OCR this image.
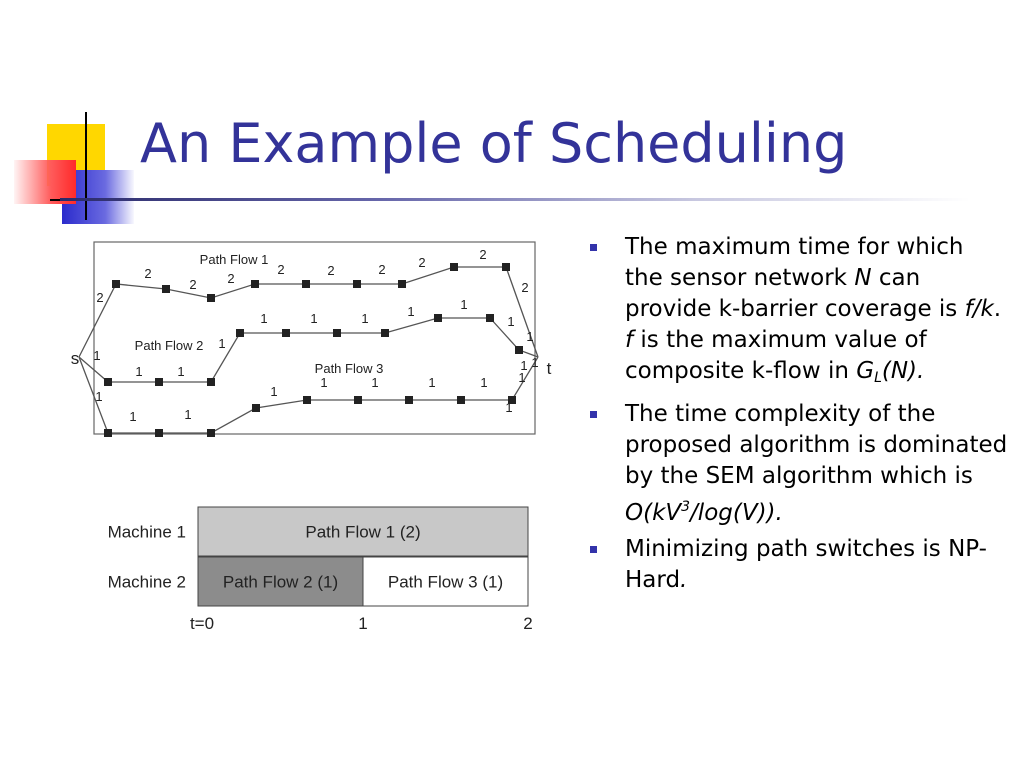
An Example of Scheduling
2
2
2 2
2	2	2	2
2
2
Path Flow 1
1
1	1
1
1	1	1	1	1
1
1
1
Path Flow 2
1
1	1
1
1	1	1	1
1
1
1
Path Flow 3
s
t
Machine 1	Path Flow 1 (2)
Machine 2 Path Flow 2 (1)	Path Flow 3 (1)
t=0	1	2
The maximum time for which the sensor network N can provide k-barrier coverage is f/k. f is the maximum value of composite k-flow in GL(N).
The time complexity of the proposed algorithm is dominated by the SEM algorithm which is $O(kV^3/\log(V))$.
Minimizing path switches is NP-Hard.
